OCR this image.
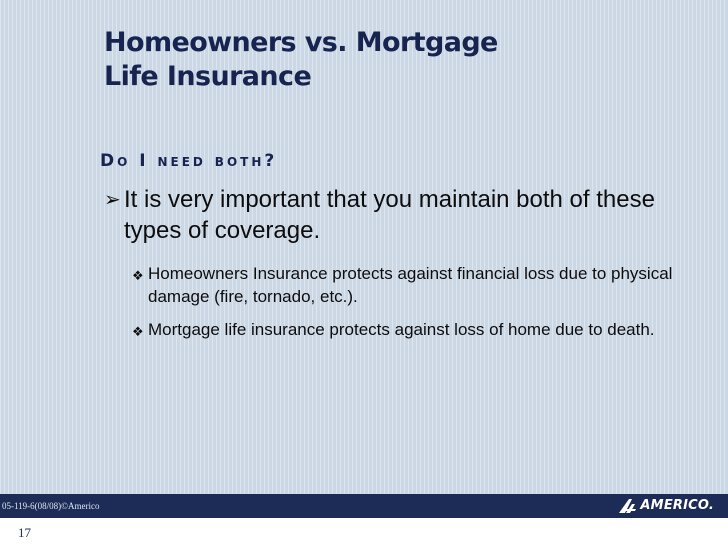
Homeowners vs. Mortgage
Life Insurance
Do I need both?
➢ It is very important that you maintain both of these types of coverage.
❖ Homeowners Insurance protects against financial loss due to physical damage (fire, tornado, etc.).
❖ Mortgage life insurance protects against loss of home due to death.
05-119-6(08/08)©Americo	AMERICO.
17
